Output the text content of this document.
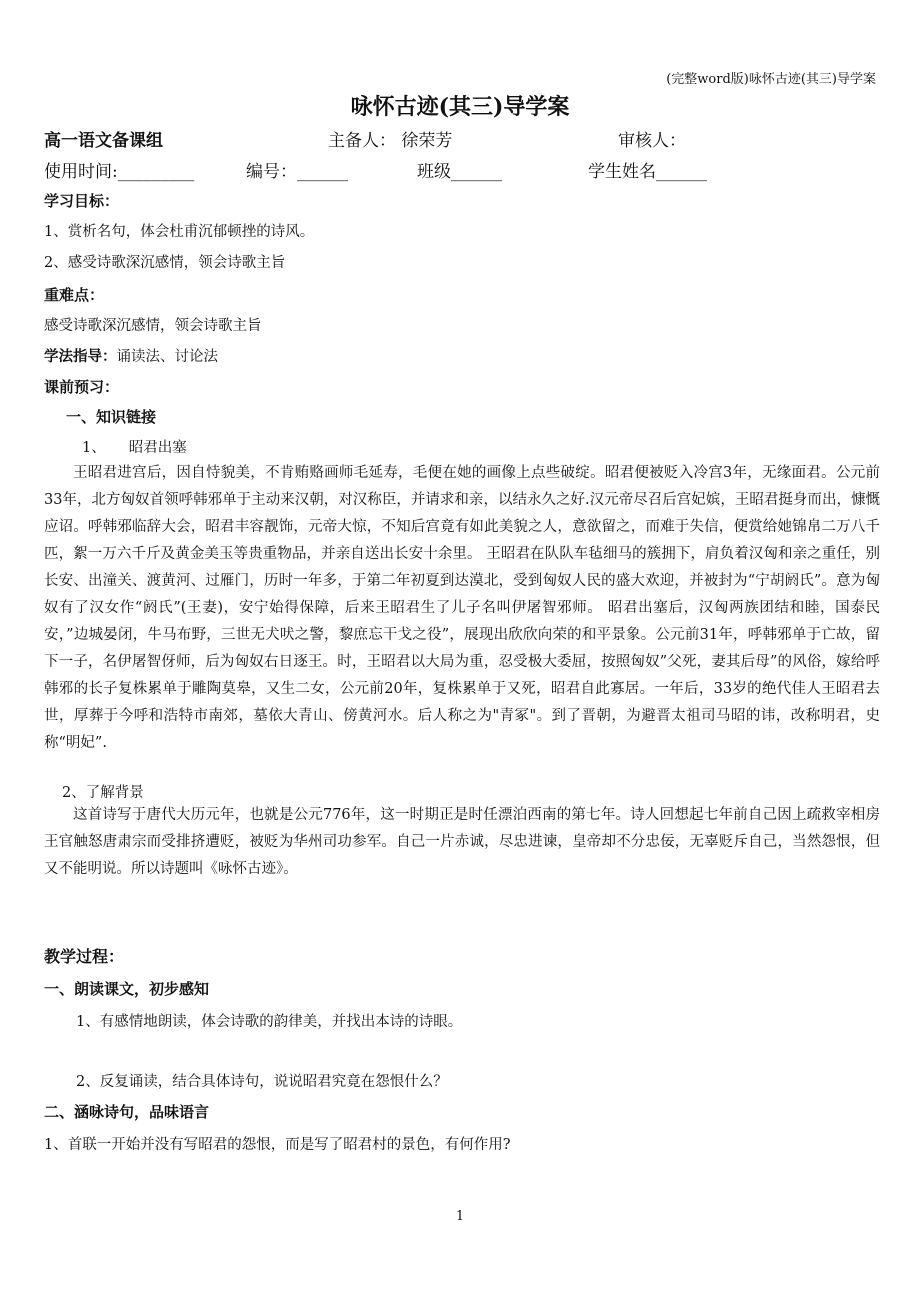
(完整word版)咏怀古迹(其三)导学案
咏怀古迹(其三)导学案
高一语文备课组	主备人： 徐荣芳	审核人：
使用时间:_________	编号：______	班级______	学生姓名______
学习目标：
1、赏析名句，体会杜甫沉郁顿挫的诗风。
2、感受诗歌深沉感情，领会诗歌主旨
重难点：
感受诗歌深沉感情，领会诗歌主旨
学法指导：诵读法、讨论法
课前预习：
一、知识链接
1、     昭君出塞
王昭君进宫后，因自恃貌美，不肯贿赂画师毛延寿，毛便在她的画像上点些破绽。昭君便被贬入冷宫3年，无缘面君。公元前33年，北方匈奴首领呼韩邪单于主动来汉朝，对汉称臣，并请求和亲，以结永久之好.汉元帝尽召后宫妃嫔，王昭君挺身而出，慷慨应诏。呼韩邪临辞大会，昭君丰容靓饰，元帝大惊，不知后宫竟有如此美貌之人，意欲留之，而难于失信，便赏给她锦帛二万八千匹，絮一万六千斤及黄金美玉等贵重物品，并亲自送出长安十余里。 王昭君在队队车毡细马的簇拥下，肩负着汉匈和亲之重任，别长安、出潼关、渡黄河、过雁门，历时一年多，于第二年初夏到达漠北，受到匈奴人民的盛大欢迎，并被封为“宁胡阏氏”。意为匈奴有了汉女作“阏氏”(王妻)，安宁始得保障，后来王昭君生了儿子名叫伊屠智邪师。 昭君出塞后，汉匈两族团结和睦，国泰民安，”边城晏闭，牛马布野，三世无犬吠之警，黎庶忘干戈之役”，展现出欣欣向荣的和平景象。公元前31年，呼韩邪单于亡故，留下一子，名伊屠智伢师，后为匈奴右日逐王。时，王昭君以大局为重，忍受极大委屈，按照匈奴”父死，妻其后母”的风俗，嫁给呼韩邪的长子复株累单于雕陶莫皋，又生二女，公元前20年，复株累单于又死，昭君自此寡居。一年后，33岁的绝代佳人王昭君去世，厚葬于今呼和浩特市南郊，墓依大青山、傍黄河水。后人称之为"青冢"。到了晋朝，为避晋太祖司马昭的讳，改称明君，史称“明妃”.
2、了解背景
这首诗写于唐代大历元年，也就是公元776年，这一时期正是时任漂泊西南的第七年。诗人回想起七年前自己因上疏救宰相房王官触怒唐肃宗而受排挤遭贬，被贬为华州司功参军。自己一片赤诚，尽忠进谏，皇帝却不分忠佞，无辜贬斥自己，当然怨恨，但又不能明说。所以诗题叫《咏怀古迹》。
教学过程：
一、朗读课文，初步感知
1、有感情地朗读，体会诗歌的韵律美，并找出本诗的诗眼。
2、反复诵读，结合具体诗句，说说昭君究竟在怨恨什么？
二、涵咏诗句，品味语言
1、首联一开始并没有写昭君的怨恨，而是写了昭君村的景色，有何作用?
1
